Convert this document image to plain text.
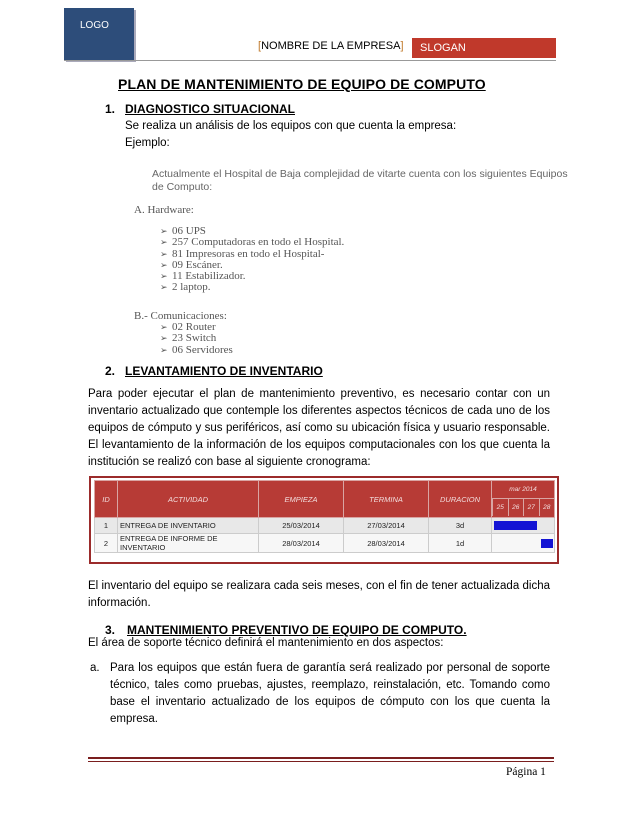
LOGO
[NOMBRE DE LA EMPRESA]	SLOGAN
PLAN DE MANTENIMIENTO DE EQUIPO DE COMPUTO
1. DIAGNOSTICO SITUACIONAL
Se realiza un análisis de los equipos con que cuenta la empresa:
Ejemplo:
Actualmente el Hospital de Baja complejidad de vitarte cuenta con los siguientes Equipos
de Computo:
A. Hardware:
➢ 06 UPS
➢ 257 Computadoras en todo el Hospital.
➢ 81 Impresoras en todo el Hospital-
➢ 09 Escáner.
➢ 11 Estabilizador.
➢ 2 laptop.
B.- Comunicaciones:
➢ 02 Router
➢ 23 Switch
➢ 06 Servidores
2. LEVANTAMIENTO DE INVENTARIO
Para poder ejecutar el plan de mantenimiento preventivo, es necesario contar con un inventario actualizado que contemple los diferentes aspectos técnicos de cada uno de los equipos de cómputo y sus periféricos, así como su ubicación física y usuario responsable. El levantamiento de la información de los equipos computacionales con los que cuenta la institución se realizó con base al siguiente cronograma:
ID	ACTIVIDAD	EMPIEZA	TERMINA	DURACION	mar 2014
25 26 27 28

1	ENTREGA DE INVENTARIO	25/03/2014	27/03/2014	3d	
2	ENTREGA DE INFORME DE INVENTARIO	28/03/2014	28/03/2014	1d	
El inventario del equipo se realizara cada seis meses, con el fin de tener actualizada dicha información.
3. MANTENIMIENTO PREVENTIVO DE EQUIPO DE COMPUTO.
El área de soporte técnico definirá el mantenimiento en dos aspectos:
a. Para los equipos que están fuera de garantía será realizado por personal de soporte técnico, tales como pruebas, ajustes, reemplazo, reinstalación, etc. Tomando como base el inventario actualizado de los equipos de cómputo con los que cuenta la empresa.
Página 1
